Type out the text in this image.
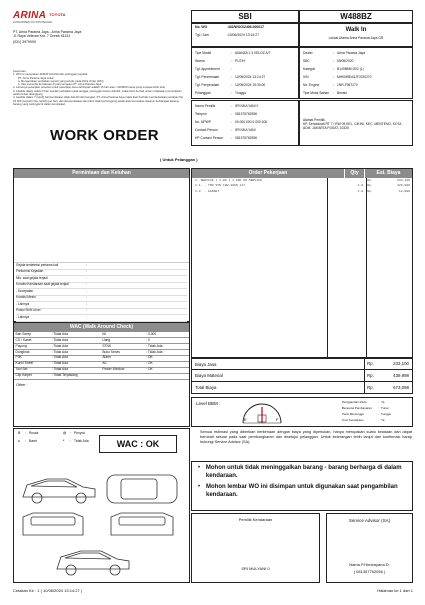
ARINA TOYOTA
AUTHORIZED TOYOTA DEALER
PT. Arina Parama Jaya - Arina Parama Jaya
Jl. Raya Veteran Km. 7 Gresik 61131
(031) 3979999
Ketentuan :
1. WO ini merupakan SURAT KUASA dari pelanggan kepada
PT. Arina Parama Jaya untuk :
a. Mengerjakan perbaikan seperti yang tertulis pada Work Order (WO)
b. Jika mencoba kendaraan di jual mengetes PT. Arina Parama Jaya
2. Lamanya pekerjaan tersebut untuk pekerjaan General Repair adalah 15 hari atau / 1000KM mana yang tercapai lebih dulu
3. Apabila dalam waktu 3 hari setelah perbaikan pada tanggal, pelanggan belum diambil, maka kami berhak untuk melakukan pemindahan parkir beban ditanggung
4. Apabila dalam 7 (tujuh) hari kendaraan tidak diambil dari bengkel, PT. Arina Parama Jaya maka kami berhak membebankan penitipan Rp. 15.000 (sepuluh ribu rupiah) per hari, dan jika kendaraan dan kami tidak bertanggung jawab atas kerusakan ataupun kehilangan barang-barang yang tertinggal di dalam kendaraan
WORK ORDER
( Untuk Pelanggan )
SBI	W488BZ
No. WO	: 432/WOG/2406-000017
Tgl / Jam	: 10/06/2024 13:14:27
Walk In
Lokasi Utama Arina Parama Jaya GR
Tipe Model	: AVANZA 1.3 VELOZ A/T
Warna	: PUTIH
Tgl. Appointment	:
Tgl. Penerimaan	: 10/06/2024 13:14:27
Tgl. Penyerahan	: 10/06/2024 15:30:00
Pelanggan	: Tunggu
Dealer	: Arina Parama Jaya
SBC	: 05/05/2020
Kategori	: B1408BM-G02 (1)
VIN	: MHKM5EA3JFJ030270
No. Engine	: 1NR-F057270
Tipe Motor Bahan	: Bensin
Nama Pemilik	: SRI MULYANI 0
Telepon	: 081375762556
No. NPWP	: 00.000.000.0-000.000
Contact Person	: SRI MULYANI
HP Contact Person	: 081375762556
Alamat Pemilik
KP. Sendokrati RT 7 / RW 05 KEL. CIKINI, KEC. MENTENG, KOTA ADM. JAKARTA PUSAT, 10330
Permintaan dan Keluhan
Gejala terdeteksi pertama kali	:
Frekuensi Kejadian	:
Mis. saat gejala terjadi	:
Kondisi Kendaraan saat gejala terjadi	:
- Kecepatan	:
Kondisi Mesin	:
- Lainnya	:
Posisi Shift Lever	:
- Lainnya	:
Order Pekerjaan	Qty	Est. Biaya
1. SERVICE [ 1.00 ] 1.000 KM SERVICE	Rp.	233,100
1.1. - TMO SYN 10W-40SN 117	4.0	Rp.	426,000
1.2. - GASKET	1.0	Rp.	12,000
WAC (Walk Around Check)
Ban Serep	: Tidak Ada	Kit	: 0,000		
CD / Kaset	: Tidak Ada	Uang	: 0		
Payung	: Tidak Ada	STNK	: Tidak Ada		
Dongkrak	: Tidak Ada	Buku Servis	: Tidak Ada		
P3K	: Tidak Ada	Alarm	: OK		
Kunci Sheel	: Tidak Ada	AC	: OK		
Tool Set	: Tidak Ada	Power Window	: OK		
Clip Karpet	: Tidak Terpasang				
Other :
Biaya Jasa	Rp.	233,100
Biaya Material	Rp.	439,998
Total Biaya	Rp.	673,098
Level BBM :
E	F
Penggantian Parts	: Ya
Bersama Pembayaran	: Tunai
Perlu Menunggu	: Tunggu
Cuci Kendaraan	: Ya
X	: Rusak	@	: Penyok
=	: Baret	*	: Tidak Ada	WAC : OK
Semua estimasi yang diberikan berkenaan dengan biaya yang diperlukan, hanya merupakan suatu keadaan dan dapat berubah sesuai pada saat pembongkaran dan disetujui pelanggan. Untuk keterangan lebih lanjut dan konfirmasi harap hubungi Service Advisor (SA).
• Mohon untuk tidak meninggalkan barang - barang berharga di dalam kendaraan.
• Mohon lembar WO ini disimpan untuk digunakan saat pengambilan kendaraan.
Pemilik Kendaraan
SRI MULYANI 0
Service Advisor (SA)
Nama P.Hindrayana D.
( 081357762056 )
Cetakan Ke : 1 ( 10/06/2024 13:14:27 )	Halaman ke 1 dari 1
